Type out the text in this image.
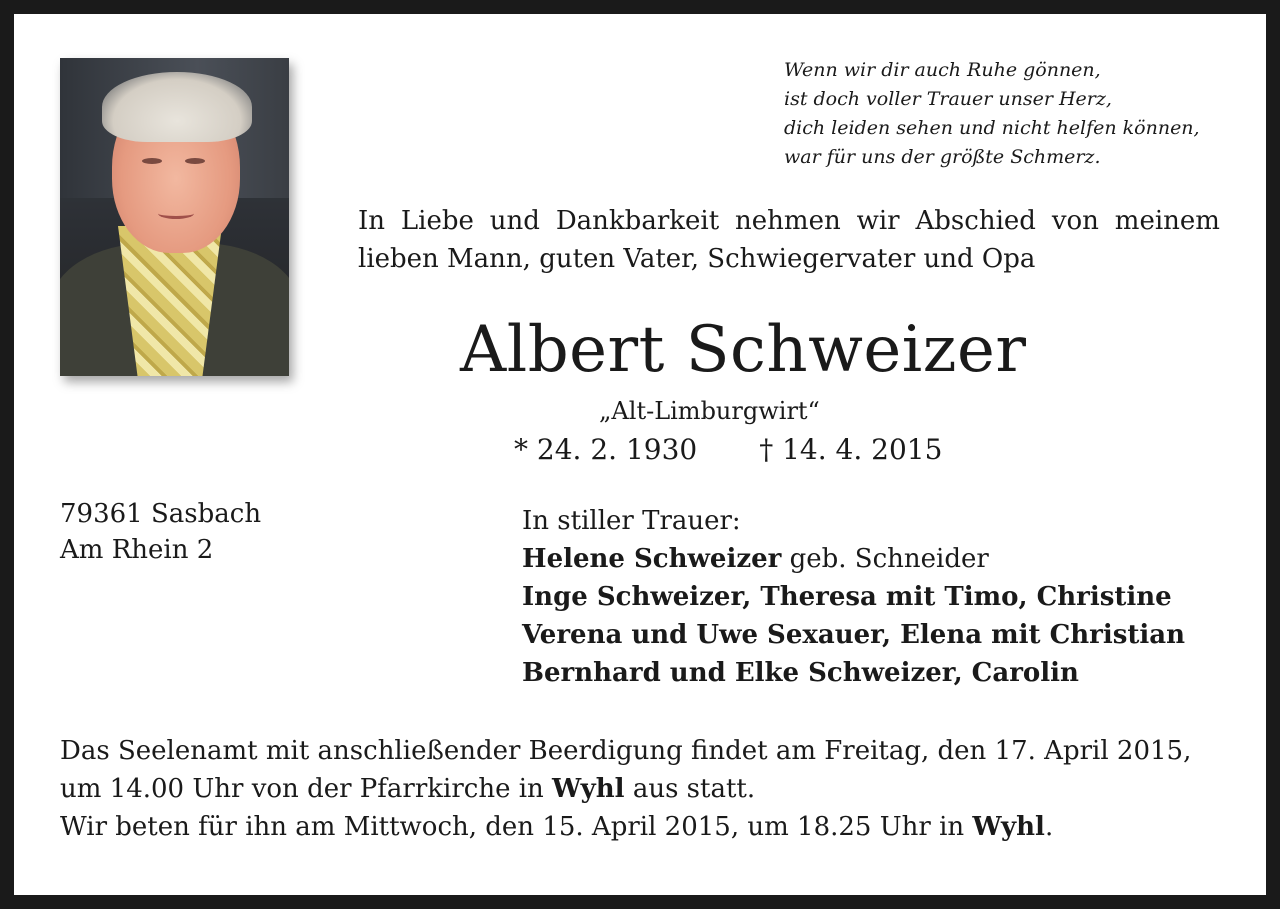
Wenn wir dir auch Ruhe gönnen,
ist doch voller Trauer unser Herz,
dich leiden sehen und nicht helfen können,
war für uns der größte Schmerz.
In Liebe und Dankbarkeit nehmen wir Abschied von meinem
lieben Mann, guten Vater, Schwiegervater und Opa
Albert Schweizer
„Alt-Limburgwirt“
* 24. 2. 1930 † 14. 4. 2015
79361 Sasbach
Am Rhein 2
In stiller Trauer:
Helene Schweizer geb. Schneider
Inge Schweizer, Theresa mit Timo, Christine
Verena und Uwe Sexauer, Elena mit Christian
Bernhard und Elke Schweizer, Carolin
Das Seelenamt mit anschließender Beerdigung findet am Freitag, den 17. April 2015,
um 14.00 Uhr von der Pfarrkirche in Wyhl aus statt.
Wir beten für ihn am Mittwoch, den 15. April 2015, um 18.25 Uhr in Wyhl.
